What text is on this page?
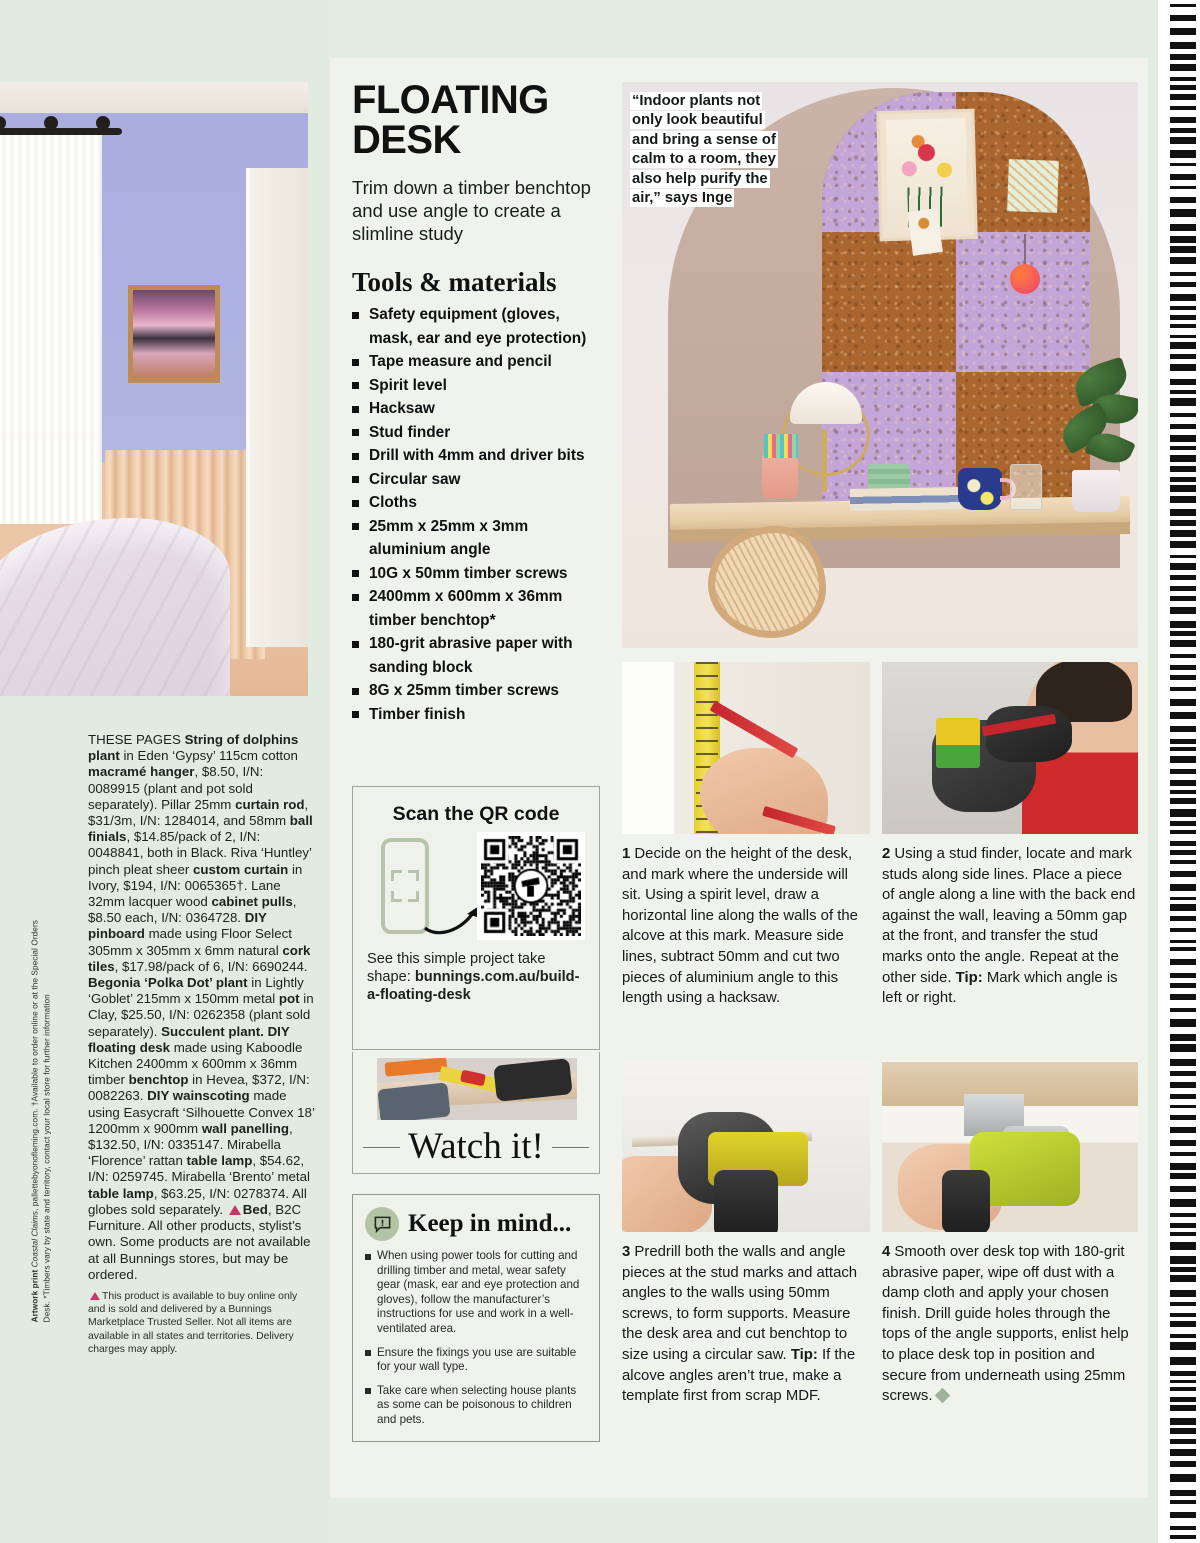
Artwork print Coastal Claims, pallettebyonofleming.com. †Available to order online or at the Special Orders Desk. *Timbers vary by state and territory, contact your local store for further information
THESE PAGES String of dolphins plant in Eden ‘Gypsy’ 115cm cotton macramé hanger, $8.50, I/N: 0089915 (plant and pot sold separately). Pillar 25mm curtain rod, $31/3m, I/N: 1284014, and 58mm ball finials, $14.85/pack of 2, I/N: 0048841, both in Black. Riva ‘Huntley’ pinch pleat sheer custom curtain in Ivory, $194, I/N: 0065365†. Lane 32mm lacquer wood cabinet pulls, $8.50 each, I/N: 0364728. DIY pinboard made using Floor Select 305mm x 305mm x 6mm natural cork tiles, $17.98/pack of 6, I/N: 6690244. Begonia ‘Polka Dot’ plant in Lightly ‘Goblet’ 215mm x 150mm metal pot in Clay, $25.50, I/N: 0262358 (plant sold separately). Succulent plant. DIY floating desk made using Kaboodle Kitchen 2400mm x 600mm x 36mm timber benchtop in Hevea, $372, I/N: 0082263. DIY wainscoting made using Easycraft ‘Silhouette Convex 18’ 1200mm x 900mm wall panelling, $132.50, I/N: 0335147. Mirabella ‘Florence’ rattan table lamp, $54.62, I/N: 0259745. Mirabella ‘Brento’ metal table lamp, $63.25, I/N: 0278374. All globes sold separately. Bed, B2C Furniture. All other products, stylist’s own. Some products are not available at all Bunnings stores, but may be ordered.
This product is available to buy online only and is sold and delivered by a Bunnings Marketplace Trusted Seller. Not all items are available in all states and territories. Delivery charges may apply.
FLOATING DESK

Trim down a timber benchtop and use angle to create a slimline study

Tools & materials
Safety equipment (gloves, mask, ear and eye protection)
Tape measure and pencil
Spirit level
Hacksaw
Stud finder
Drill with 4mm and driver bits
Circular saw
Cloths
25mm x 25mm x 3mm aluminium angle
10G x 50mm timber screws
2400mm x 600mm x 36mm timber benchtop*
180-grit abrasive paper with sanding block
8G x 25mm timber screws
Timber finish
Scan the QR code
See this simple project take shape: bunnings.com.au/build-a-floating-desk
Watch it!
Keep in mind...
When using power tools for cutting and drilling timber and metal, wear safety gear (mask, ear and eye protection and gloves), follow the manufacturer’s instructions for use and work in a well-ventilated area.
Ensure the fixings you use are suitable for your wall type.
Take care when selecting house plants as some can be poisonous to children and pets.
“Indoor plants not only look beautiful and bring a sense of calm to a room, they also help purify the air,” says Inge
1 Decide on the height of the desk, and mark where the underside will sit. Using a spirit level, draw a horizontal line along the walls of the alcove at this mark. Measure side lines, subtract 50mm and cut two pieces of aluminium angle to this length using a hacksaw.
2 Using a stud finder, locate and mark studs along side lines. Place a piece of angle along a line with the back end against the wall, leaving a 50mm gap at the front, and transfer the stud marks onto the angle. Repeat at the other side. Tip: Mark which angle is left or right.
3 Predrill both the walls and angle pieces at the stud marks and attach angles to the walls using 50mm screws, to form supports. Measure the desk area and cut benchtop to size using a circular saw. Tip: If the alcove angles aren’t true, make a template first from scrap MDF.
4 Smooth over desk top with 180-grit abrasive paper, wipe off dust with a damp cloth and apply your chosen finish. Drill guide holes through the tops of the angle supports, enlist help to place desk top in position and secure from underneath using 25mm screws.
